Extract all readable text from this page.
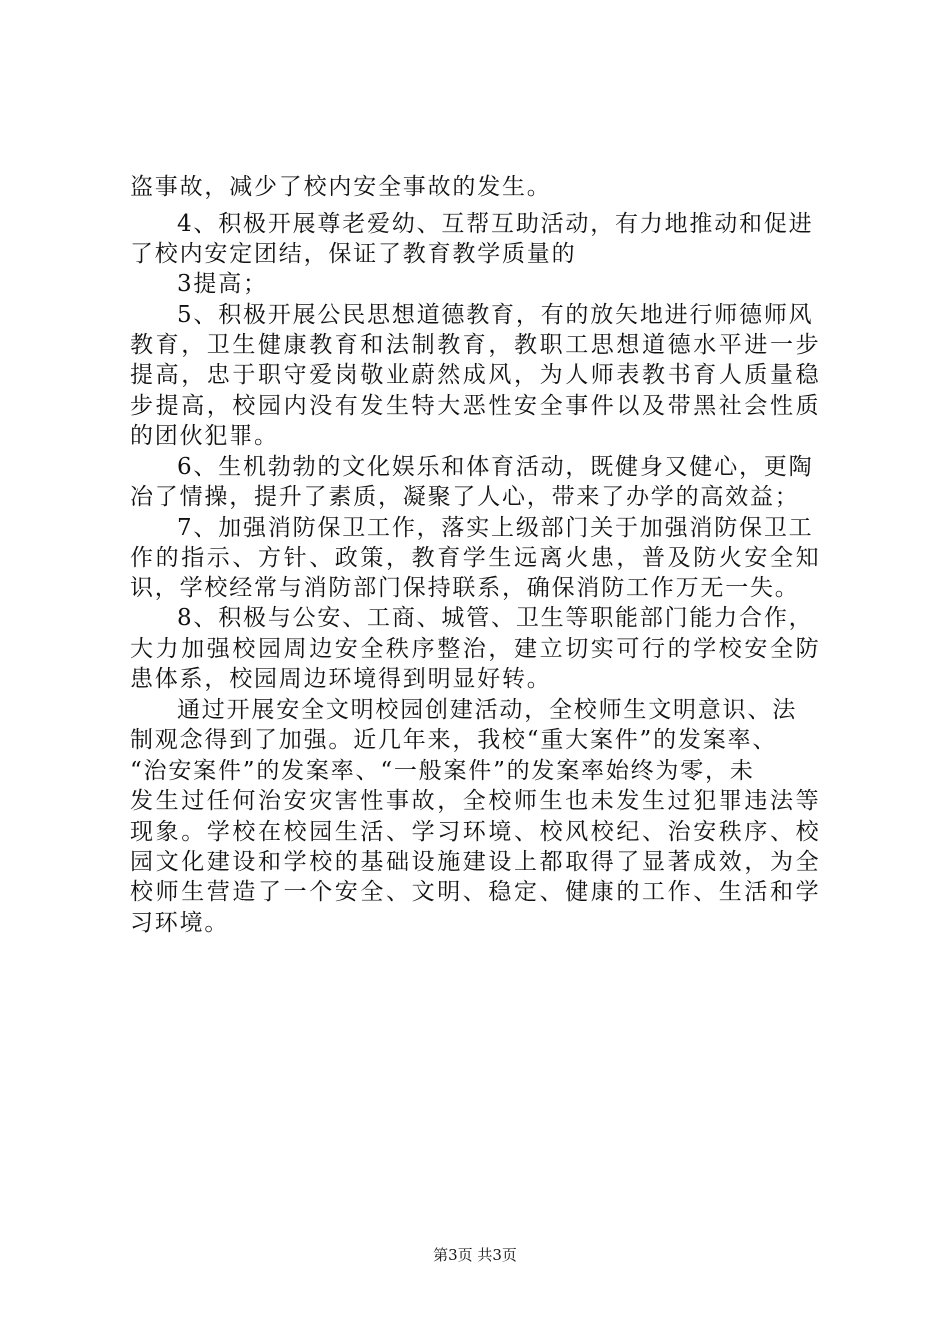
盗事故，减少了校内安全事故的发生。
4、积极开展尊老爱幼、互帮互助活动，有力地推动和促进
了校内安定团结，保证了教育教学质量的
3提高；
5、积极开展公民思想道德教育，有的放矢地进行师德师风
教育，卫生健康教育和法制教育，教职工思想道德水平进一步
提高，忠于职守爱岗敬业蔚然成风，为人师表教书育人质量稳
步提高，校园内没有发生特大恶性安全事件以及带黑社会性质
的团伙犯罪。
6、生机勃勃的文化娱乐和体育活动，既健身又健心，更陶
冶了情操，提升了素质，凝聚了人心，带来了办学的高效益；
7、加强消防保卫工作，落实上级部门关于加强消防保卫工
作的指示、方针、政策，教育学生远离火患，普及防火安全知
识，学校经常与消防部门保持联系，确保消防工作万无一失。
8、积极与公安、工商、城管、卫生等职能部门能力合作，
大力加强校园周边安全秩序整治，建立切实可行的学校安全防
患体系，校园周边环境得到明显好转。
通过开展安全文明校园创建活动，全校师生文明意识、法
制观念得到了加强。近几年来，我校“重大案件”的发案率、
“治安案件”的发案率、“一般案件”的发案率始终为零，未
发生过任何治安灾害性事故，全校师生也未发生过犯罪违法等
现象。学校在校园生活、学习环境、校风校纪、治安秩序、校
园文化建设和学校的基础设施建设上都取得了显著成效，为全
校师生营造了一个安全、文明、稳定、健康的工作、生活和学
习环境。
第3页 共3页
